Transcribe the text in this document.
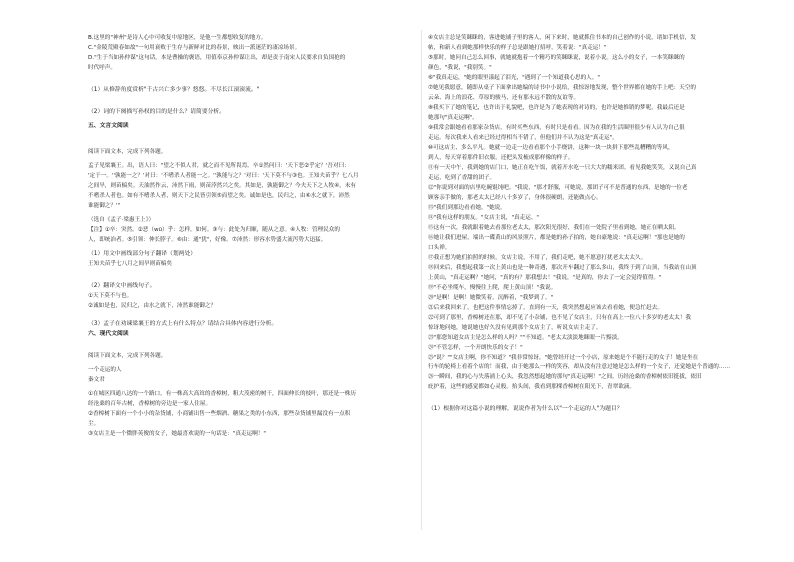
B.这里的"神州"是诗人心中可收复中原地区，是他一生都想收复的地方。

C."金陵荒殿春如故"一句用衰败于生存与新鲜对比的春景，映出一派迷茫的凄凉场景。

D."生于当如孙仲谋"这句话，本是曹操的褒语，用值奉京孙仲谋让出，却是责于南宋人民要求自负国抢的

时代呼声。

（1）从修辞角度赏析"千古兴亡多少事？悠悠。不尽长江滚滚流。"

（2）词的下阕描写孙权的目的是什么？请简要分析。

五、文言文阅读

阅读下面文本，完成下列各题。

孟子见梁襄王。出，语人曰："望之不似人君，就之而不见所畏焉。卒①然问曰：'天下恶②乎定？'吾对曰：

'定于一。''孰能一之？'对曰：'不嗜杀人者能一之。''孰能与之？'对曰：'天下莫不与③也。王知夫苗乎？七八月

之间旱，则苗槁矣。天油然作云，沛然下雨，则苗浡然兴之矣。其如是，孰能御之？今夫天下之人牧④，未有

不嗜杀人者也。如有不嗜杀人者，则天下之民皆引领⑤而望之矣。诚如是也，民归之，由⑥水之就下，沛然

谁能御之？'"

（选自《孟子·梁惠王上》）

【注】①卒：突然。②恶（wū）乎：怎样，如何。③与：此处为归顺，随从之意。④人牧：管理民众的

人，即统治者。⑤引领：伸长脖子。⑥由：通"犹"，好像。⑦沛然：形容水势盛大流泻势大迅猛。

（1）用文中画线部分句子翻译（划两处）

王知夫苗乎七八月之间旱则苗槁矣

（2）翻译文中画线句子。

①天下莫不与也。

②诚如是也，民归之，由水之就下，沛然谁能御之？

（3）孟子在劝谏梁襄王的方式上有什么特点？请结合具体内容进行分析。

六、现代文阅读

阅读下面文本，完成下列各题。

一个走运的人

秦文君

①在城区四通八达的一个路口，有一株高大高耸的香樟树，粗大茂密的树干，四面伸长的枝叶，那还是一株历

经沧桑的百年古树，香樟树的旁边是一家人住屋。

②香樟树下面有一个小小的杂货铺，小商铺出售一些烟酒、糖果之类的小东西，那些杂货铺里漏没有一点积

尘。

③女店主是一个微胖英俊的女子，她最喜欢说的一句话是："真走运啊！"

④女店主总是笑眯眯的，客进她铺子里的客人，闲下来时，她就抓住书本的自己创作的小说，诸如手机信，发

帖，和新人看到她那样快乐的样子总是跟她打招呼，笑着说："真走运！"

⑤那时，她问自己怎么回事，就她就抱着一个精巧的笑眯眯说，说着小说。这么小的女子，一本笑眯眯的

颜色，"我说，"我别笑。"

⑥"我真走运，"她的眼里漾起了泪光，"遇到了一个知道我心思的人。"

⑦她见我愿意，随即从桌子下面拿出她编的诗书中小说给，我惊讶地发现，整个世界都在她的手上吧：天空的

云朵、海上的浪花、草原的骏马，还有那永远不散的友谊等。

⑧我买下了她的笔记，也许出于礼貌吧，也许是为了她表现的对诗的，也许是她推销的梦呢，我最后还是

她那句"真走运啊"。

⑨我常会跟她看看那家杂货店，有时买些东西，有时只是看看。因为在我的生活圈里很少有人认为自己很

走运。每次我来人看来已经过得相当不错了，但他们并不认为这是"真走运"，

⑩可这店主，多么平凡。她就一边走一边看看那个小手烧饼，这种一块一块拼下那些乱糟糟的等风，

到人，每天穿着那件旧衣服，还把头发梳成那样像的样子。

⑪有一天中午，我到她的店门口，她正在吃午饭，就着开水吃一只大大的糯米团。看见我她笑笑，又说自己真

走运，吃到了香甜的团子。

⑫"你说到对面的店里吃碗馄饨吧。"我说，"那才舒服，可她说，那团子可不是普通的东西，是她的一位老

顾客亲手做的，那老太太已经八十多岁了，身体很硬朗，还能做点心。

⑬"我们到那边看看她。"她说。

⑭"我有这样的朋友。"女店主说，"真走运。"

⑮这有一次，我就跟着她去看那位老太太，那次阳光很好，我们在一处院子里看到她，她正在晒太阳。

⑯她让我们进屋，端出一碟黄山的风景照片，都是她的孙子拍的，她自豪地说："真走运啊！"那也是她的

口头禅。

⑰我正想为她们拍照的时候，女店主说，不用了，我们走吧，她不愿意打扰老太太太久。

⑱回来后，我想起我第一次上黄山也是一种奇遇，那次开车翻过了那么多山，我终于到了山顶，当我站在山顶

上黄山，"真走运啊？"她问，"真的有？那我想去！"我说，"是真的，你去了一定会觉得值得。"

⑲"不必坐缆车，慢慢往上爬，爬上黄山顶！"我说。

⑳"是啊！是啊！她微笑着，沉醉着，"我梦到了。"

㉑后来我回来了，也把这件事情忘掉了，直到有一天，我突然想起应该去看看她，便急忙赶去。

㉒可到了那里，香樟树还在那，却不见了小杂铺，也不见了女店主，只有在高上一位八十多岁的老太太！我

惊讶地问她，她说她也好久没有见到那个女店主了，听说女店主走了。

㉓"那您知道女店主是怎么样的人吗？""不知道。"老太太淡淡地眯眼一片黯淡。

㉔"不管怎样，一个开朗快乐的女子！"

㉕"说？""女店主啊，你不知道？"我非常惊讶，"她曾经开过一个小店，原来她是个不能行走的女子！她是坐在

行车的轮椅上看着个店的！而我，由于她那么一样的笑容，却从没有注意过她是怎么样的一个女子，还觉她是个普通的……

㉖一瞬间，我的心与失落涌上心头，我忽然想起她的那句"真走运啊！"之间，历经沧桑的香樟树依旧挺拔，依旧

庇护着，这些的感觉都如心灵般。抬头间，我看到那棵香樟树在阳光下，青翠欲滴。

（1）根据你对这篇小说的理解，说说作者为什么以"一个走运的人"为题目？
